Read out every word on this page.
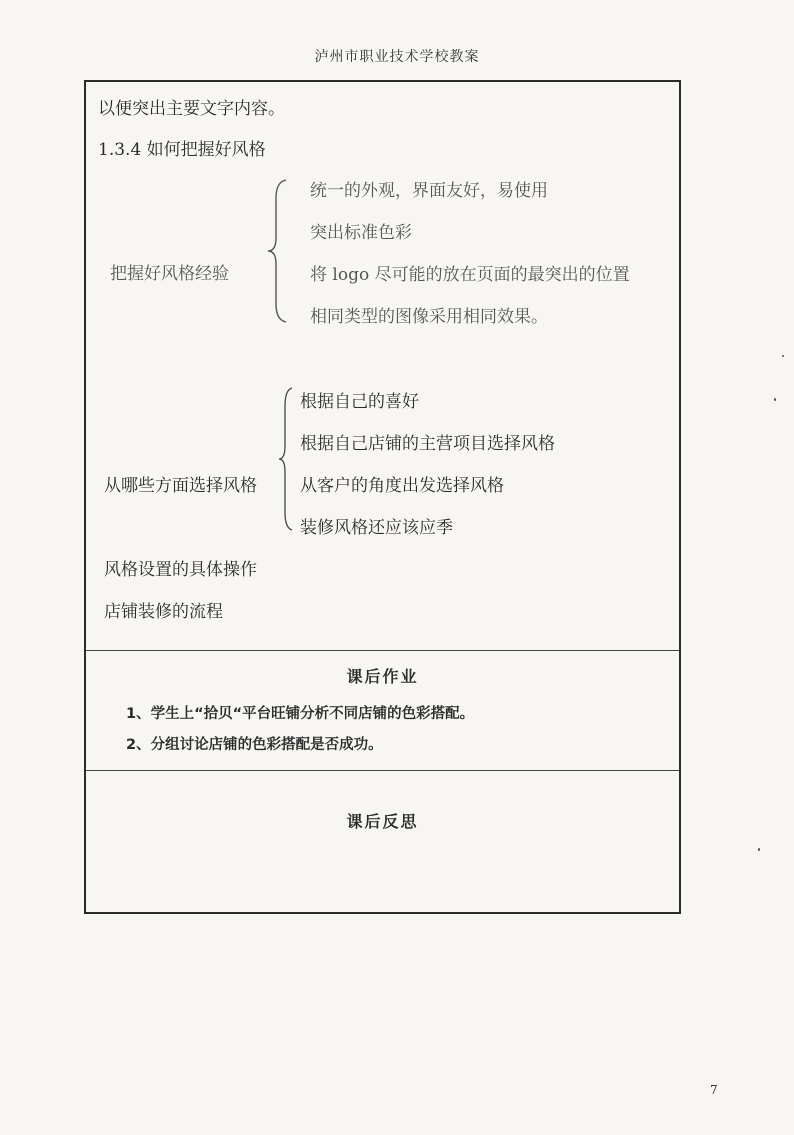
泸州市职业技术学校教案
以便突出主要文字内容。
1.3.4 如何把握好风格
把握好风格经验
统一的外观，界面友好，易使用
突出标准色彩
将 logo 尽可能的放在页面的最突出的位置
相同类型的图像采用相同效果。
从哪些方面选择风格
根据自己的喜好
根据自己店铺的主营项目选择风格
从客户的角度出发选择风格
装修风格还应该应季
风格设置的具体操作
店铺装修的流程
课后作业
1、学生上“拾贝“平台旺铺分析不同店铺的色彩搭配。
2、分组讨论店铺的色彩搭配是否成功。
课后反思
7
